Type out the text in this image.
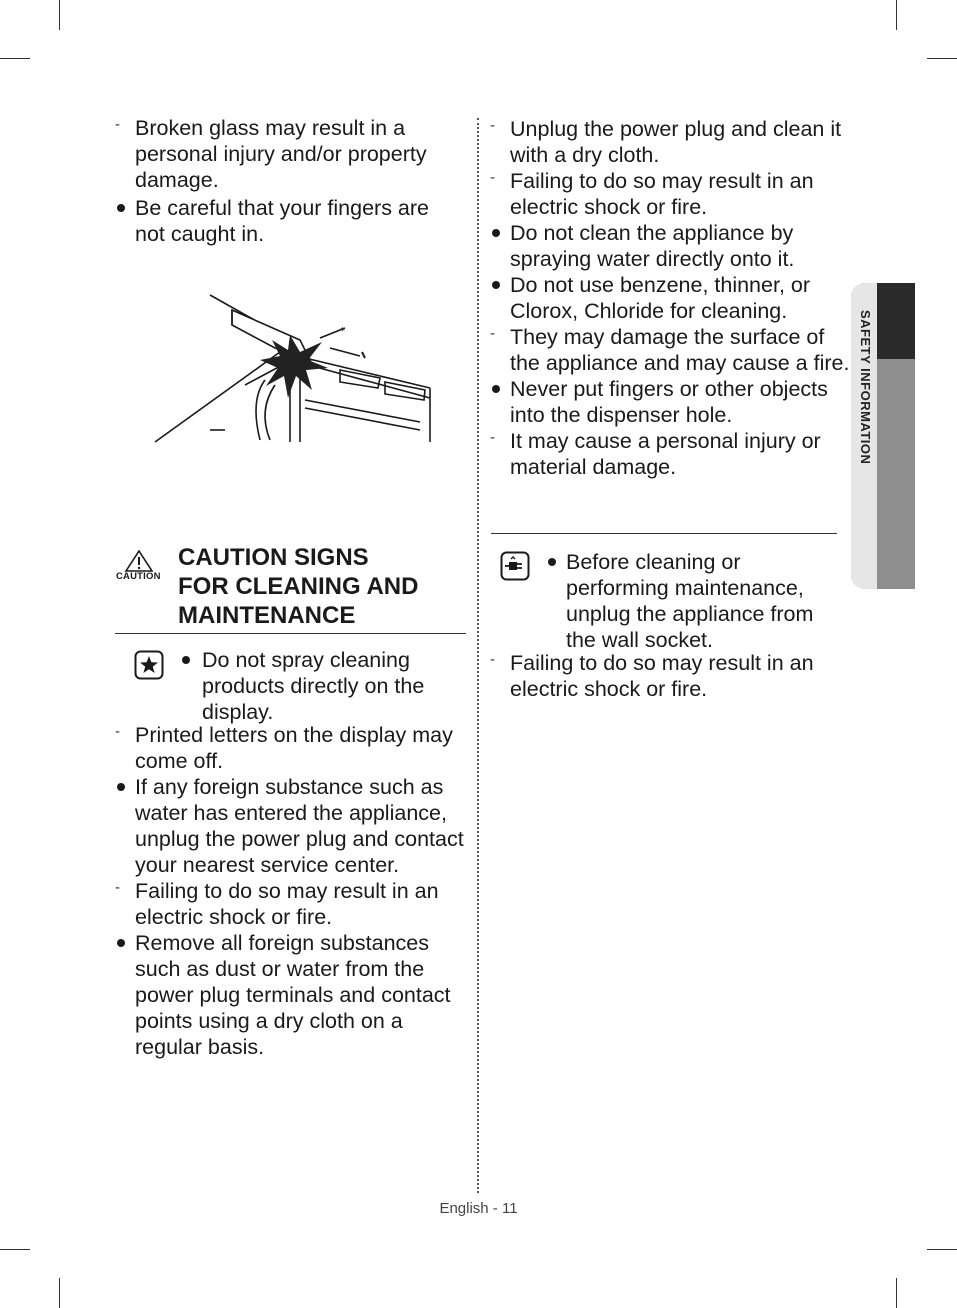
- Broken glass may result in a personal injury and/or property damage.
Be careful that your fingers are not caught in.
*
CAUTION
CAUTION SIGNS
FOR CLEANING AND
MAINTENANCE
Do not spray cleaning products directly on the display.
- Printed letters on the display may come off.
If any foreign substance such as water has entered the appliance, unplug the power plug and contact your nearest service center.
- Failing to do so may result in an electric shock or fire.
Remove all foreign substances such as dust or water from the power plug terminals and contact points using a dry cloth on a regular basis.
- Unplug the power plug and clean it with a dry cloth.
- Failing to do so may result in an electric shock or fire.
Do not clean the appliance by spraying water directly onto it.
Do not use benzene, thinner, or Clorox, Chloride for cleaning.
- They may damage the surface of the appliance and may cause a fire.
Never put fingers or other objects into the dispenser hole.
- It may cause a personal injury or material damage.
Before cleaning or performing maintenance, unplug the appliance from the wall socket.
- Failing to do so may result in an electric shock or fire.
SAFETY INFORMATION
English - 11
